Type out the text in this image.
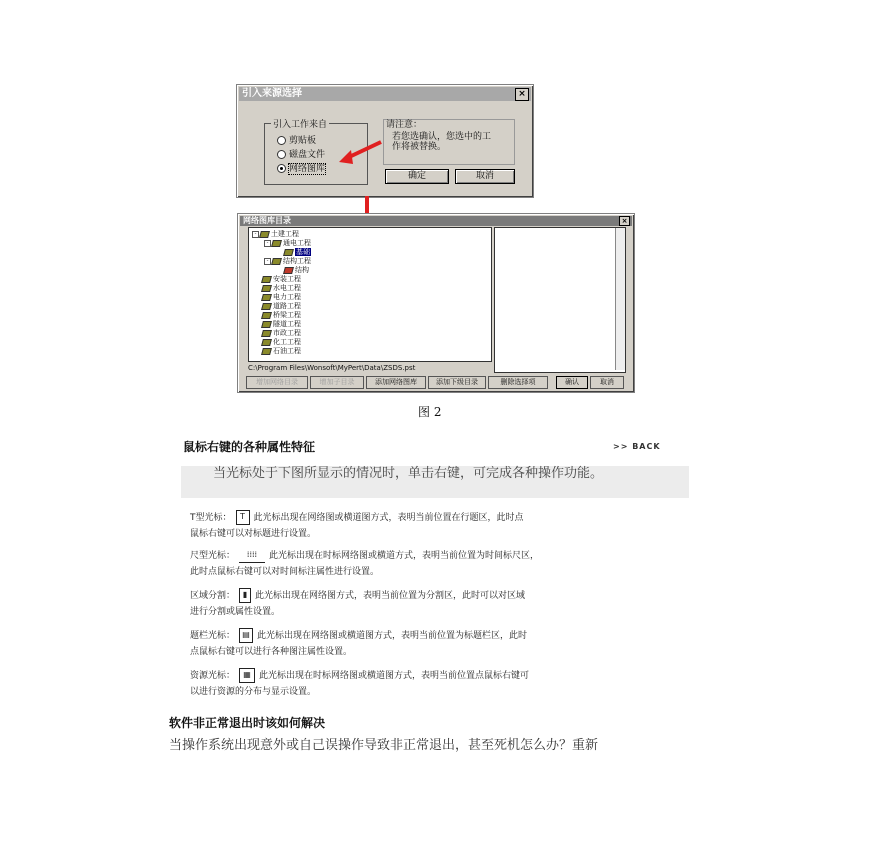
引入来源选择	×
引入工作来自
剪贴板
磁盘文件
网络图库
请注意：
若您选确认，您选中的工作将被替换。
确定	取消
网络图库目录	×
- 土建工程
- 通电工程
基础
- 结构工程
结构
安装工程
水电工程
电力工程
道路工程
桥梁工程
隧道工程
市政工程
化工工程
石油工程
C:\Program Files\Wonsoft\MyPert\Data\ZSDS.pst
增加网络目录	增加子目录	添加网络图库	添加下级目录	删除选择项	确认	取消
图 2
鼠标右键的各种属性特征	>> BACK
当光标处于下图所显示的情况时，单击右键，可完成各种操作功能。
T型光标： T 此光标出现在网络图或横道图方式，表明当前位置在行题区，此时点
鼠标右键可以对标题进行设置。
尺型光标： ⁞⁞⁞⁞ 此光标出现在时标网络图或横道方式，表明当前位置为时间标尺区，
此时点鼠标右键可以对时间标注属性进行设置。
区域分割： ▮ 此光标出现在网络图方式，表明当前位置为分割区，此时可以对区域
进行分割或属性设置。
题栏光标： ▤ 此光标出现在网络图或横道图方式，表明当前位置为标题栏区，此时
点鼠标右键可以进行各种图注属性设置。
资源光标： ▦ 此光标出现在时标网络图或横道图方式，表明当前位置点鼠标右键可
以进行资源的分布与显示设置。
软件非正常退出时该如何解决
当操作系统出现意外或自己误操作导致非正常退出，甚至死机怎么办？重新
